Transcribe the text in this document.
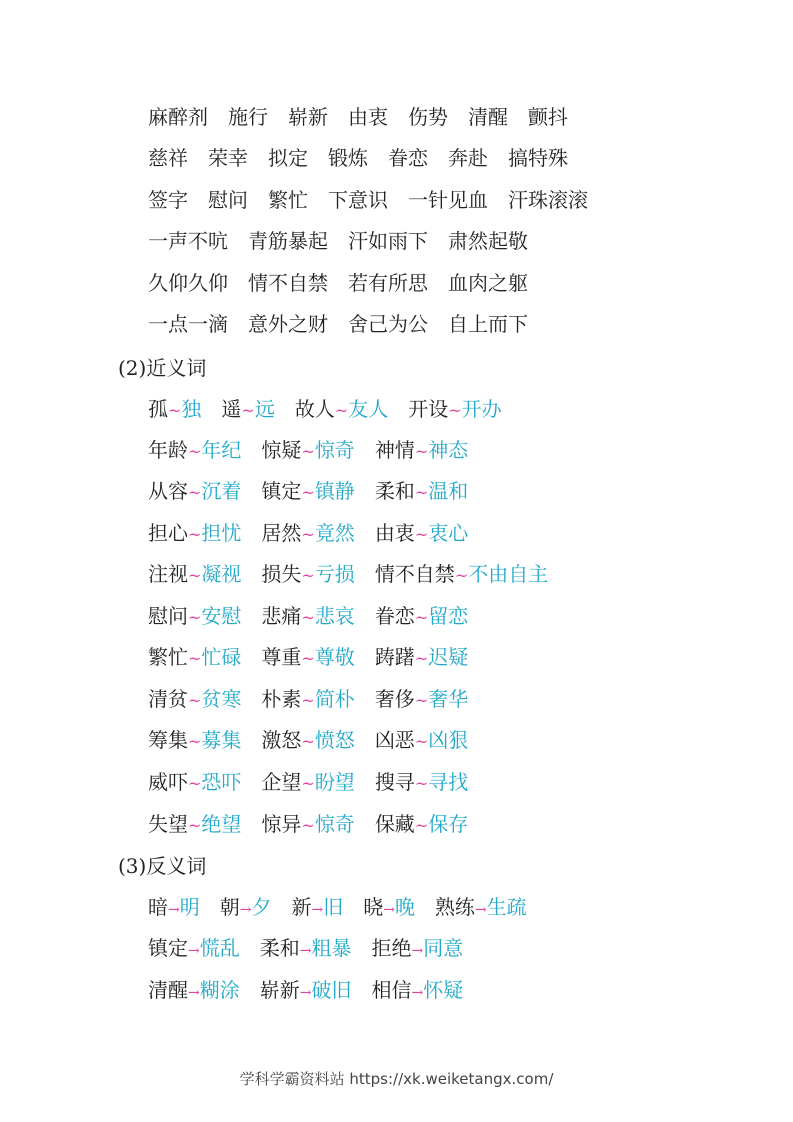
麻醉剂 施行 崭新 由衷 伤势 清醒 颤抖
慈祥 荣幸 拟定 锻炼 眷恋 奔赴 搞特殊
签字 慰问 繁忙 下意识 一针见血 汗珠滚滚
一声不吭 青筋暴起 汗如雨下 肃然起敬
久仰久仰 情不自禁 若有所思 血肉之躯
一点一滴 意外之财 舍己为公 自上而下
(2)近义词
孤~独 遥~远 故人~友人 开设~开办
年龄~年纪 惊疑~惊奇 神情~神态
从容~沉着 镇定~镇静 柔和~温和
担心~担忧 居然~竟然 由衷~衷心
注视~凝视 损失~亏损 情不自禁~不由自主
慰问~安慰 悲痛~悲哀 眷恋~留恋
繁忙~忙碌 尊重~尊敬 踌躇~迟疑
清贫~贫寒 朴素~简朴 奢侈~奢华
筹集~募集 激怒~愤怒 凶恶~凶狠
威吓~恐吓 企望~盼望 搜寻~寻找
失望~绝望 惊异~惊奇 保藏~保存
(3)反义词
暗→明 朝→夕 新→旧 晓→晚 熟练→生疏
镇定→慌乱 柔和→粗暴 拒绝→同意
清醒→糊涂 崭新→破旧 相信→怀疑
学科学霸资料站 https://xk.weiketangx.com/
